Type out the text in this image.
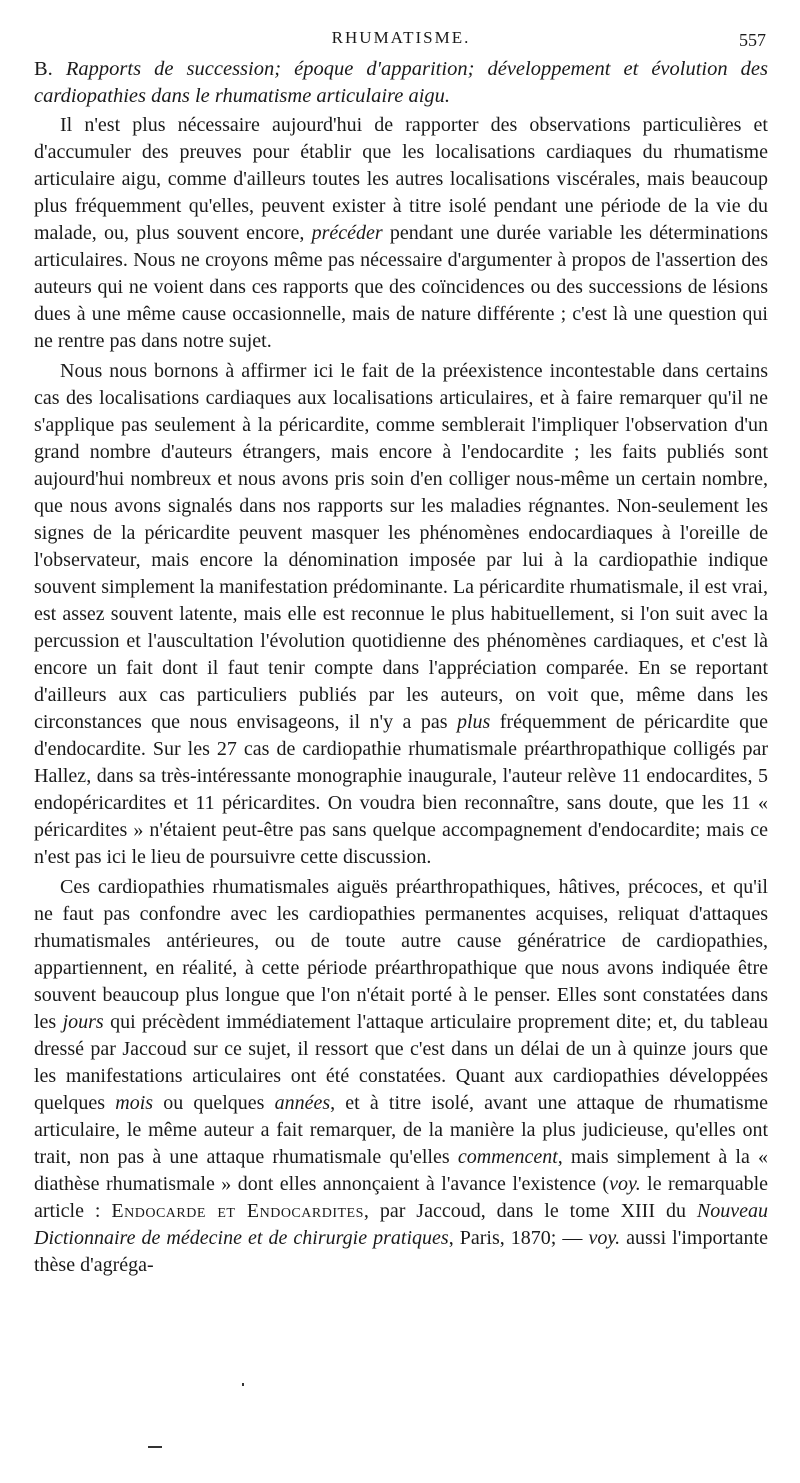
RHUMATISME.	557
B. Rapports de succession; époque d'apparition; développement et évolution des cardiopathies dans le rhumatisme articulaire aigu.

Il n'est plus nécessaire aujourd'hui de rapporter des observations particulières et d'accumuler des preuves pour établir que les localisations cardiaques du rhumatisme articulaire aigu, comme d'ailleurs toutes les autres localisations viscérales, mais beaucoup plus fréquemment qu'elles, peuvent exister à titre isolé pendant une période de la vie du malade, ou, plus souvent encore, précéder pendant une durée variable les déterminations articulaires. Nous ne croyons même pas nécessaire d'argumenter à propos de l'assertion des auteurs qui ne voient dans ces rapports que des coïncidences ou des successions de lésions dues à une même cause occasionnelle, mais de nature différente ; c'est là une question qui ne rentre pas dans notre sujet.

Nous nous bornons à affirmer ici le fait de la préexistence incontestable dans certains cas des localisations cardiaques aux localisations articulaires, et à faire remarquer qu'il ne s'applique pas seulement à la péricardite, comme semblerait l'impliquer l'observation d'un grand nombre d'auteurs étrangers, mais encore à l'endocardite ; les faits publiés sont aujourd'hui nombreux et nous avons pris soin d'en colliger nous-même un certain nombre, que nous avons signalés dans nos rapports sur les maladies régnantes. Non-seulement les signes de la péricardite peuvent masquer les phénomènes endocardiaques à l'oreille de l'observateur, mais encore la dénomination imposée par lui à la cardiopathie indique souvent simplement la manifestation prédominante. La péricardite rhumatismale, il est vrai, est assez souvent latente, mais elle est reconnue le plus habituellement, si l'on suit avec la percussion et l'auscultation l'évolution quotidienne des phénomènes cardiaques, et c'est là encore un fait dont il faut tenir compte dans l'appréciation comparée. En se reportant d'ailleurs aux cas particuliers publiés par les auteurs, on voit que, même dans les circonstances que nous envisageons, il n'y a pas plus fréquemment de péricardite que d'endocardite. Sur les 27 cas de cardiopathie rhumatismale préarthropathique colligés par Hallez, dans sa très-intéressante monographie inaugurale, l'auteur relève 11 endocardites, 5 endopéricardites et 11 péricardites. On voudra bien reconnaître, sans doute, que les 11 « péricardites » n'étaient peut-être pas sans quelque accompagnement d'endocardite; mais ce n'est pas ici le lieu de poursuivre cette discussion.

Ces cardiopathies rhumatismales aiguës préarthropathiques, hâtives, précoces, et qu'il ne faut pas confondre avec les cardiopathies permanentes acquises, reliquat d'attaques rhumatismales antérieures, ou de toute autre cause génératrice de cardiopathies, appartiennent, en réalité, à cette période préarthropathique que nous avons indiquée être souvent beaucoup plus longue que l'on n'était porté à le penser. Elles sont constatées dans les jours qui précèdent immédiatement l'attaque articulaire proprement dite; et, du tableau dressé par Jaccoud sur ce sujet, il ressort que c'est dans un délai de un à quinze jours que les manifestations articulaires ont été constatées. Quant aux cardiopathies développées quelques mois ou quelques années, et à titre isolé, avant une attaque de rhumatisme articulaire, le même auteur a fait remarquer, de la manière la plus judicieuse, qu'elles ont trait, non pas à une attaque rhumatismale qu'elles commencent, mais simplement à la « diathèse rhumatismale » dont elles annonçaient à l'avance l'existence (voy. le remarquable article : Endocarde et Endocardites, par Jaccoud, dans le tome XIII du Nouveau Dictionnaire de médecine et de chirurgie pratiques, Paris, 1870; — voy. aussi l'importante thèse d'agréga-
